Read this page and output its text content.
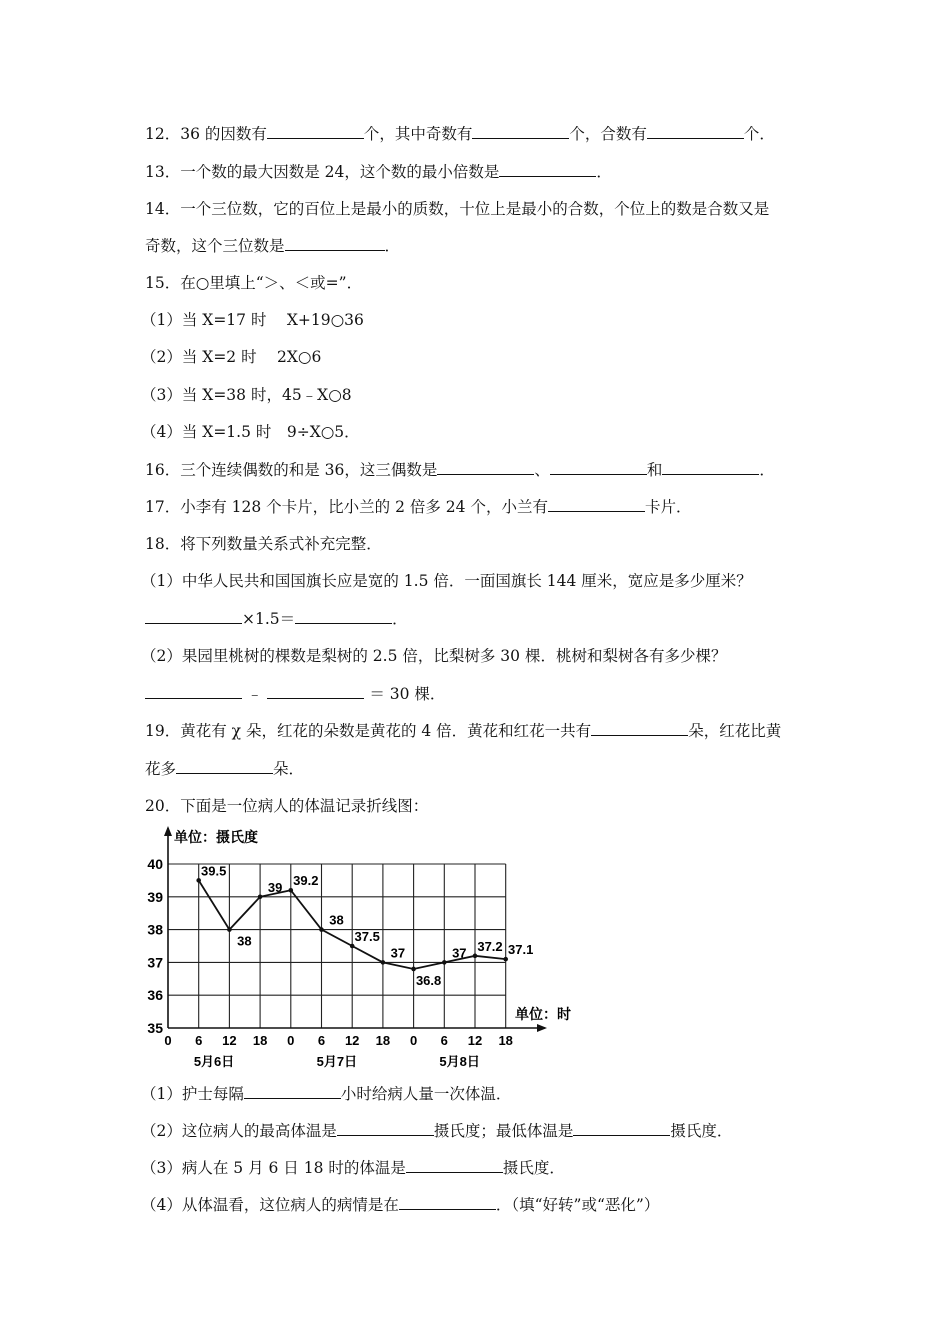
12．36 的因数有	个，其中奇数有	个，合数有	个．
13．一个数的最大因数是 24，这个数的最小倍数是	．
14．一个三位数，它的百位上是最小的质数，十位上是最小的合数，个位上的数是合数又是
奇数，这个三位数是	．
15．在○里填上“＞、＜或=”．
（1）当 X=17 时　 X+19○36
（2）当 X=2 时　 2X○6
（3）当 X=38 时，45﹣X○8
（4）当 X=1.5 时　9÷X○5．
16．三个连续偶数的和是 36，这三偶数是	、	和	．
17．小李有 128 个卡片，比小兰的 2 倍多 24 个，小兰有	卡片．
18．将下列数量关系式补充完整．
（1）中华人民共和国国旗长应是宽的 1.5 倍．一面国旗长 144 厘米，宽应是多少厘米？
×1.5＝	．
（2）果园里桃树的棵数是梨树的 2.5 倍，比梨树多 30 棵．桃树和梨树各有多少棵？
﹣	＝ 30 棵．
19．黄花有 χ 朵，红花的朵数是黄花的 4 倍．黄花和红花一共有	朵，红花比黄
花多	朵．
20．下面是一位病人的体温记录折线图：
单位：摄氏度
单位：时
35
36
37
38
39
40
0 6 12 18 0 6 12 18 0 6 12 18
5月6日	5月7日	5月8日
39.5
38
39 39.2
38
37.5
37
36.8
37 37.2 37.1
（1）护士每隔	小时给病人量一次体温．
（2）这位病人的最高体温是	摄氏度；最低体温是	摄氏度．
（3）病人在 5 月 6 日 18 时的体温是	摄氏度．
（4）从体温看，这位病人的病情是在	．（填“好转”或“恶化”）
